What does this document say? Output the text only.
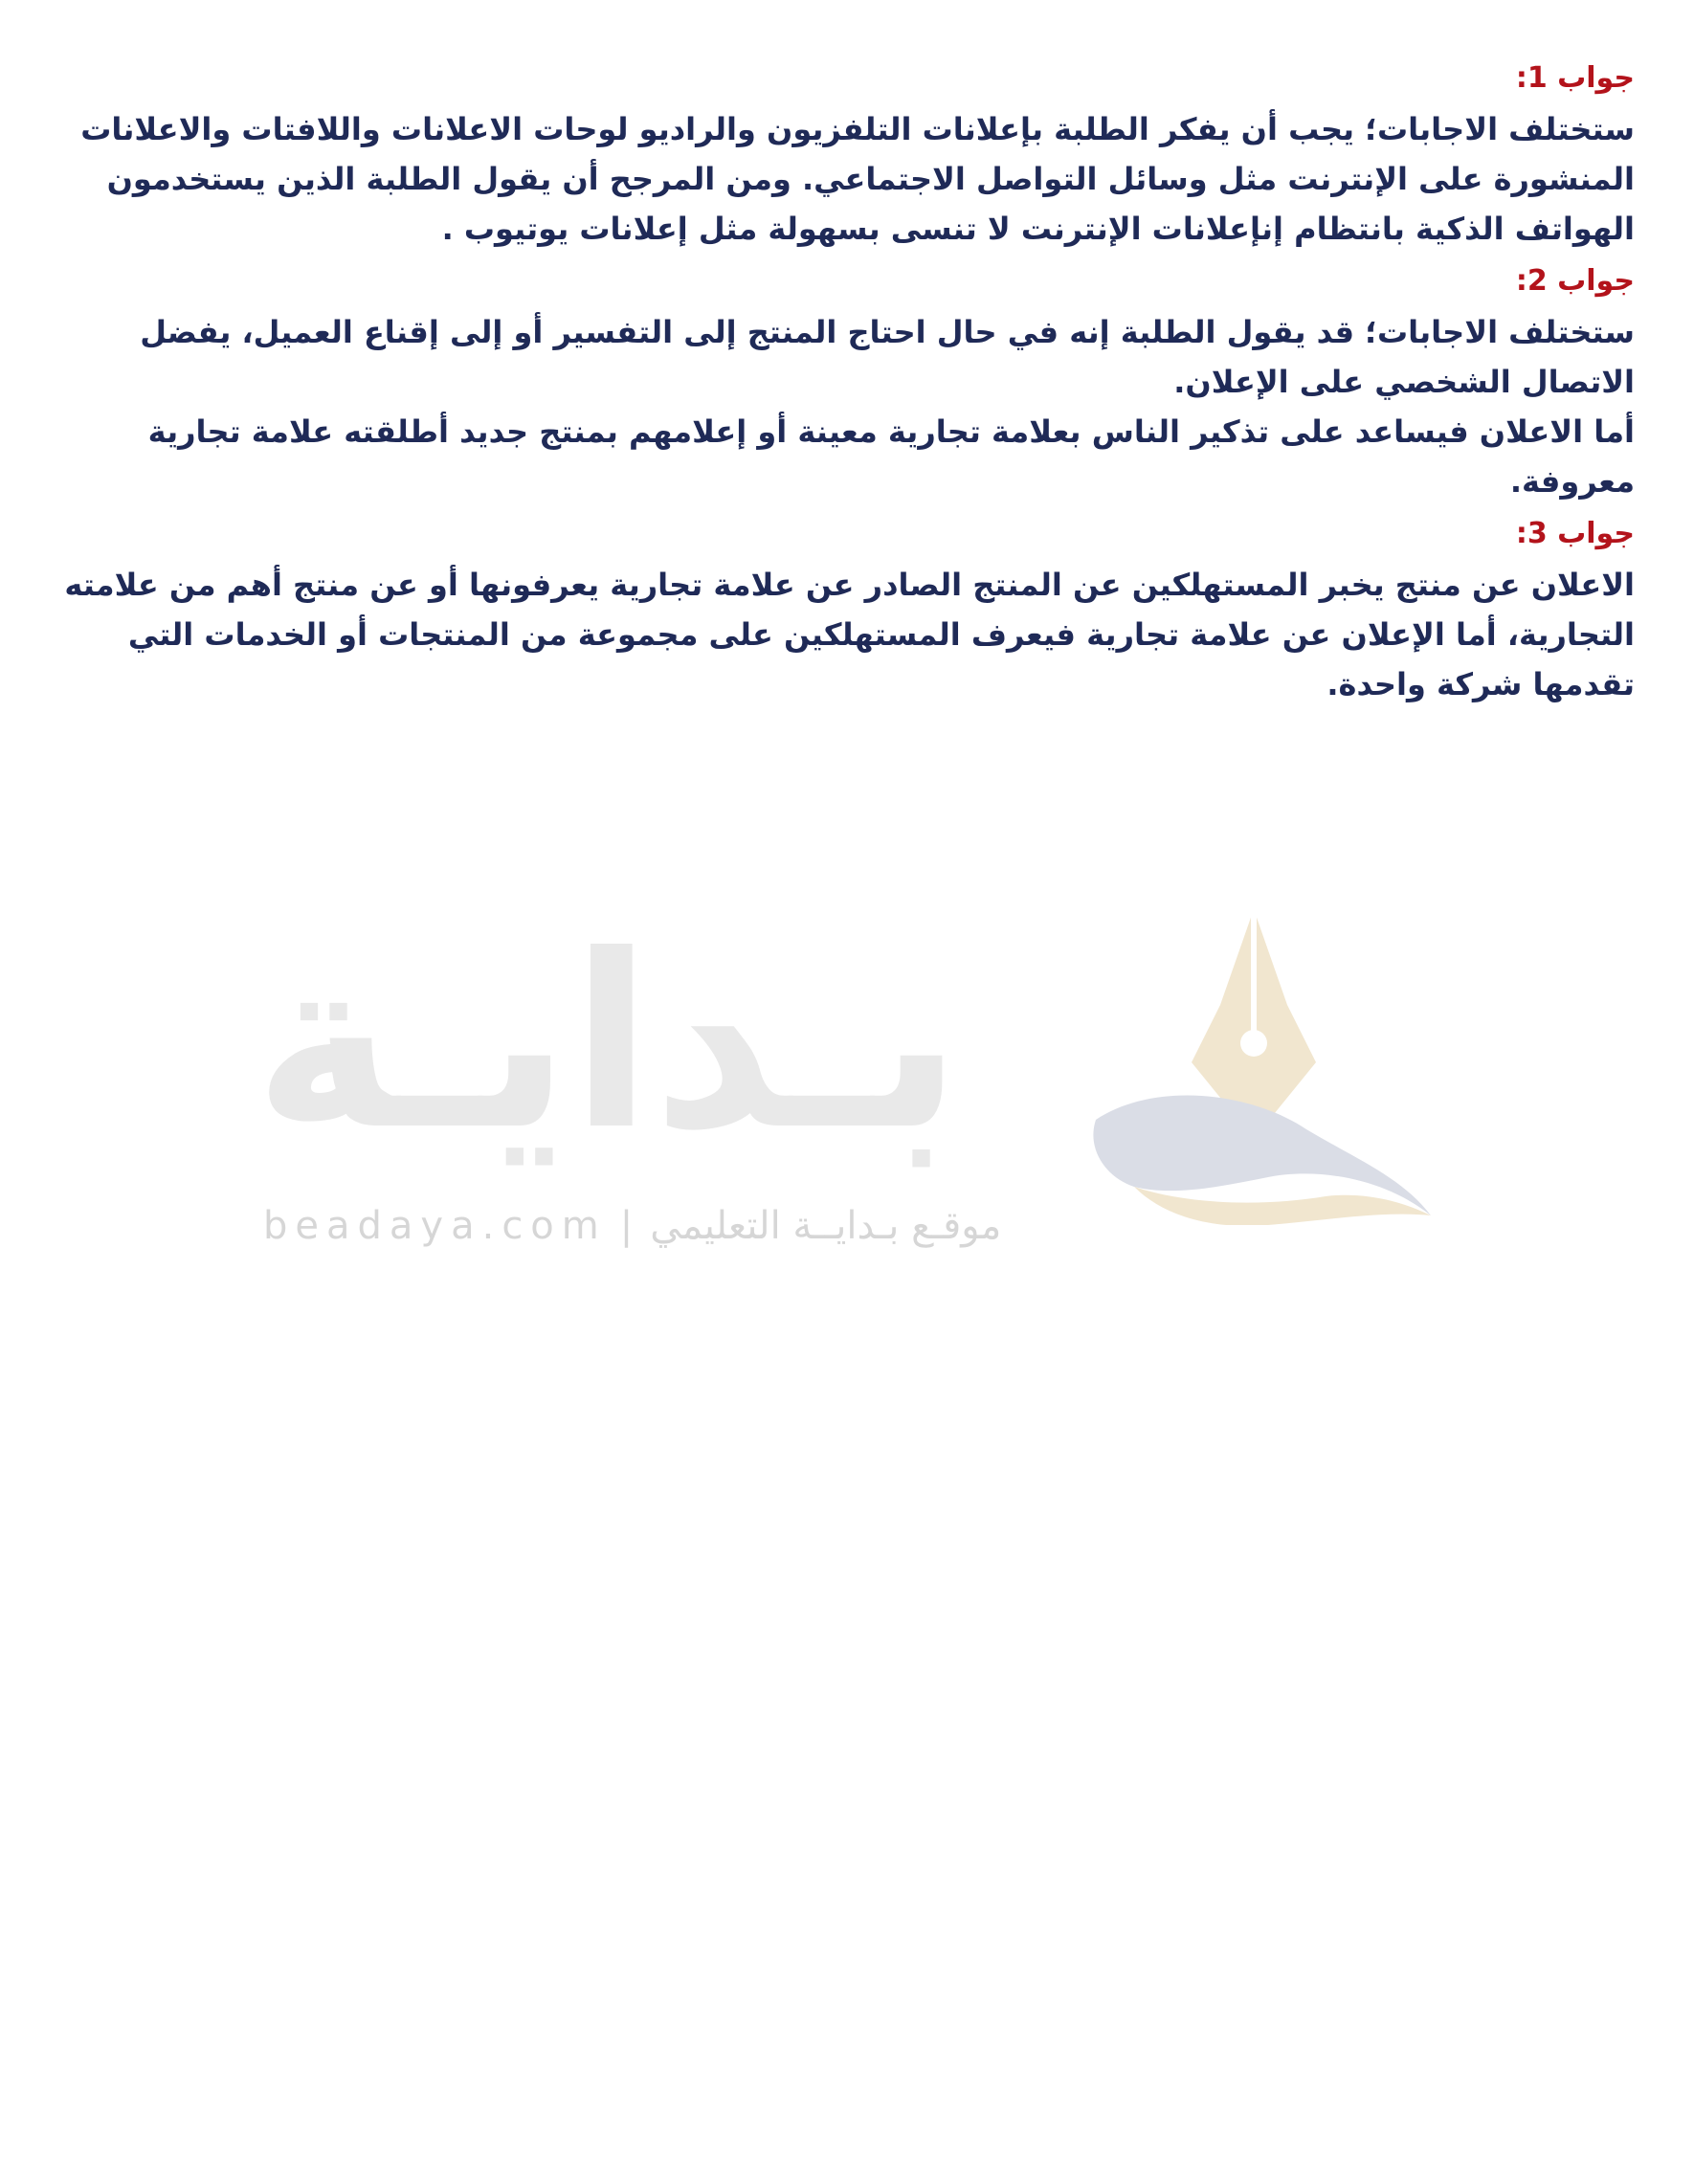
جواب 1:

ستختلف الاجابات؛ يجب أن يفكر الطلبة بإعلانات التلفزيون والراديو لوحات الاعلانات واللافتات والاعلانات المنشورة على الإنترنت مثل وسائل التواصل الاجتماعي. ومن المرجح أن يقول الطلبة الذين يستخدمون الهواتف الذكية بانتظام إنإعلانات الإنترنت لا تنسى بسهولة مثل إعلانات يوتيوب .

جواب 2:

ستختلف الاجابات؛ قد يقول الطلبة إنه في حال احتاج المنتج إلى التفسير أو إلى إقناع العميل، يفضل الاتصال الشخصي على الإعلان.

أما الاعلان فيساعد على تذكير الناس بعلامة تجارية معينة أو إعلامهم بمنتج جديد أطلقته علامة تجارية معروفة.

جواب 3:

الاعلان عن منتج يخبر المستهلكين عن المنتج الصادر عن علامة تجارية يعرفونها أو عن منتج أهم من علامته التجارية، أما الإعلان عن علامة تجارية فيعرف المستهلكين على مجموعة من المنتجات أو الخدمات التي تقدمها شركة واحدة.

بـدايـة
beadaya.com | موقـع بـدايــة التعليمي
